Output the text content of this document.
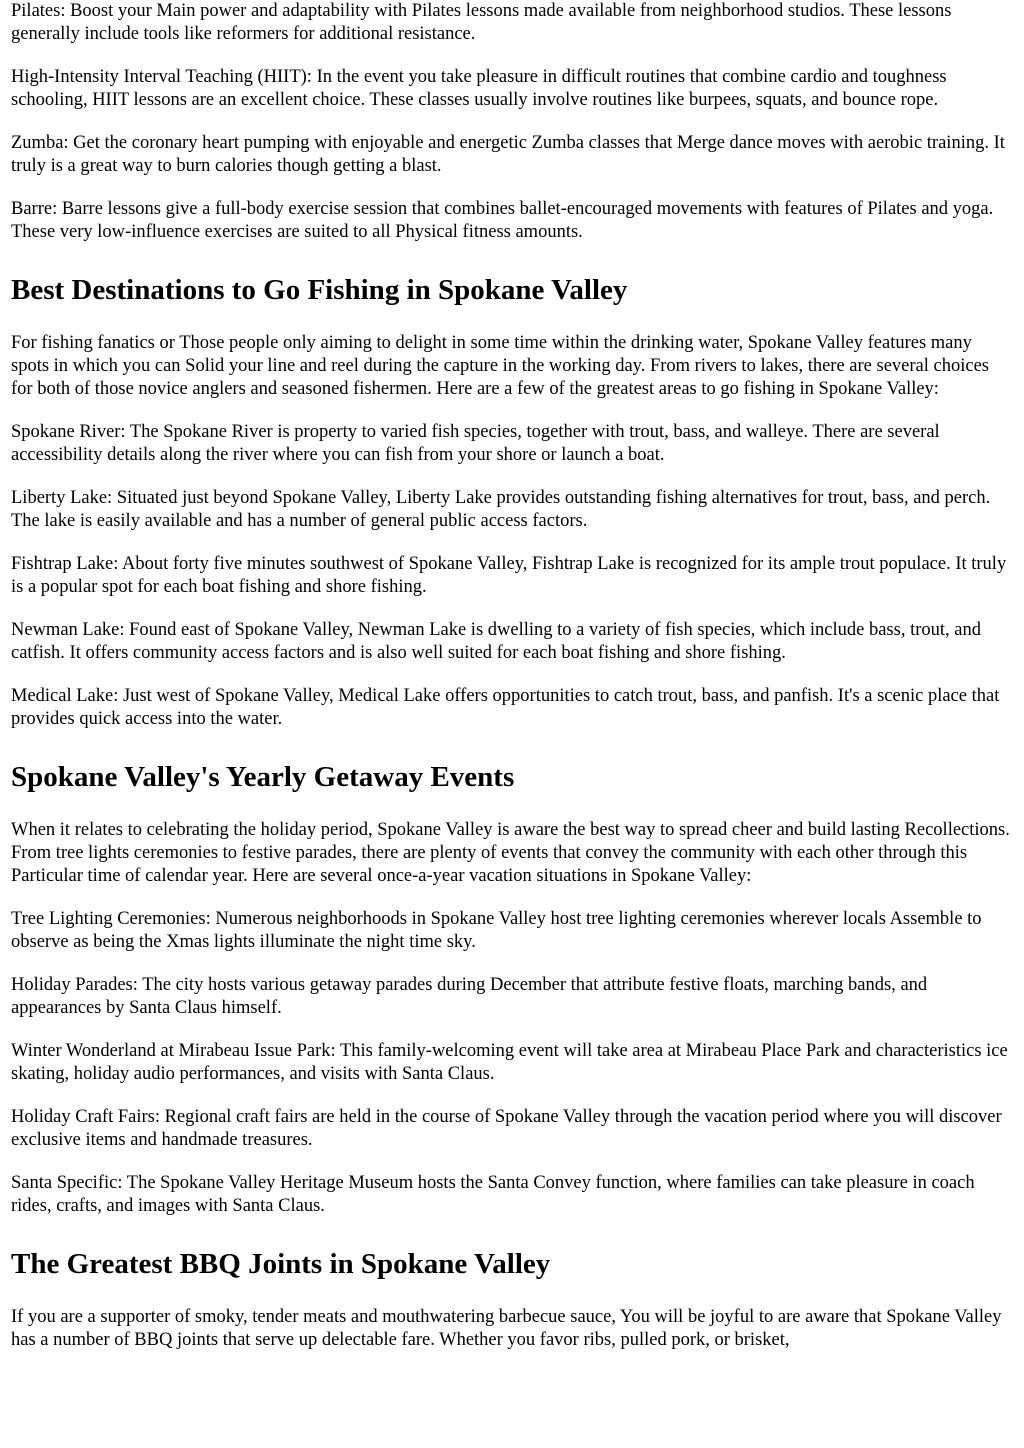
Pilates: Boost your Main power and adaptability with Pilates lessons made available from neighborhood studios. These lessons generally include tools like reformers for additional resistance.

High-Intensity Interval Teaching (HIIT): In the event you take pleasure in difficult routines that combine cardio and toughness schooling, HIIT lessons are an excellent choice. These classes usually involve routines like burpees, squats, and bounce rope.

Zumba: Get the coronary heart pumping with enjoyable and energetic Zumba classes that Merge dance moves with aerobic training. It truly is a great way to burn calories though getting a blast.

Barre: Barre lessons give a full-body exercise session that combines ballet-encouraged movements with features of Pilates and yoga. These very low-influence exercises are suited to all Physical fitness amounts.

Best Destinations to Go Fishing in Spokane Valley

For fishing fanatics or Those people only aiming to delight in some time within the drinking water, Spokane Valley features many spots in which you can Solid your line and reel during the capture in the working day. From rivers to lakes, there are several choices for both of those novice anglers and seasoned fishermen. Here are a few of the greatest areas to go fishing in Spokane Valley:

Spokane River: The Spokane River is property to varied fish species, together with trout, bass, and walleye. There are several accessibility details along the river where you can fish from your shore or launch a boat.

Liberty Lake: Situated just beyond Spokane Valley, Liberty Lake provides outstanding fishing alternatives for trout, bass, and perch. The lake is easily available and has a number of general public access factors.

Fishtrap Lake: About forty five minutes southwest of Spokane Valley, Fishtrap Lake is recognized for its ample trout populace. It truly is a popular spot for each boat fishing and shore fishing.

Newman Lake: Found east of Spokane Valley, Newman Lake is dwelling to a variety of fish species, which include bass, trout, and catfish. It offers community access factors and is also well suited for each boat fishing and shore fishing.

Medical Lake: Just west of Spokane Valley, Medical Lake offers opportunities to catch trout, bass, and panfish. It's a scenic place that provides quick access into the water.

Spokane Valley's Yearly Getaway Events

When it relates to celebrating the holiday period, Spokane Valley is aware the best way to spread cheer and build lasting Recollections. From tree lights ceremonies to festive parades, there are plenty of events that convey the community with each other through this Particular time of calendar year. Here are several once-a-year vacation situations in Spokane Valley:

Tree Lighting Ceremonies: Numerous neighborhoods in Spokane Valley host tree lighting ceremonies wherever locals Assemble to observe as being the Xmas lights illuminate the night time sky.

Holiday Parades: The city hosts various getaway parades during December that attribute festive floats, marching bands, and appearances by Santa Claus himself.

Winter Wonderland at Mirabeau Issue Park: This family-welcoming event will take area at Mirabeau Place Park and characteristics ice skating, holiday audio performances, and visits with Santa Claus.

Holiday Craft Fairs: Regional craft fairs are held in the course of Spokane Valley through the vacation period where you will discover exclusive items and handmade treasures.

Santa Specific: The Spokane Valley Heritage Museum hosts the Santa Convey function, where families can take pleasure in coach rides, crafts, and images with Santa Claus.

The Greatest BBQ Joints in Spokane Valley

If you are a supporter of smoky, tender meats and mouthwatering barbecue sauce, You will be joyful to are aware that Spokane Valley has a number of BBQ joints that serve up delectable fare. Whether you favor ribs, pulled pork, or brisket,
